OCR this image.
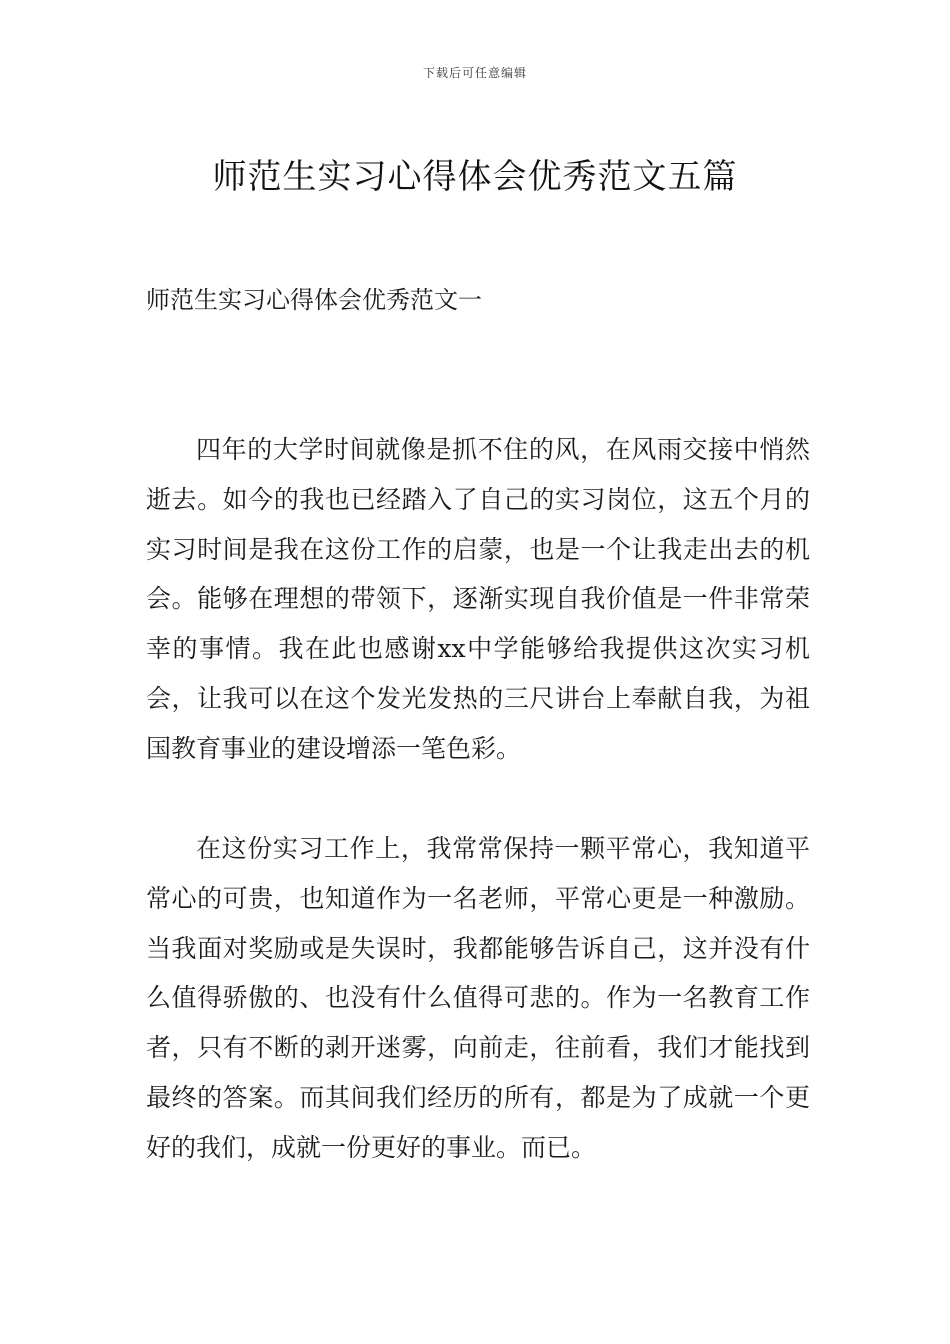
下载后可任意编辑
师范生实习心得体会优秀范文五篇
师范生实习心得体会优秀范文一

四年的大学时间就像是抓不住的风，在风雨交接中悄然逝去。如今的我也已经踏入了自己的实习岗位，这五个月的实习时间是我在这份工作的启蒙，也是一个让我走出去的机会。能够在理想的带领下，逐渐实现自我价值是一件非常荣幸的事情。我在此也感谢xx中学能够给我提供这次实习机会，让我可以在这个发光发热的三尺讲台上奉献自我，为祖国教育事业的建设增添一笔色彩。

在这份实习工作上，我常常保持一颗平常心，我知道平常心的可贵，也知道作为一名老师，平常心更是一种激励。当我面对奖励或是失误时，我都能够告诉自己，这并没有什么值得骄傲的、也没有什么值得可悲的。作为一名教育工作者，只有不断的剥开迷雾，向前走，往前看，我们才能找到最终的答案。而其间我们经历的所有，都是为了成就一个更好的我们，成就一份更好的事业。而已。
